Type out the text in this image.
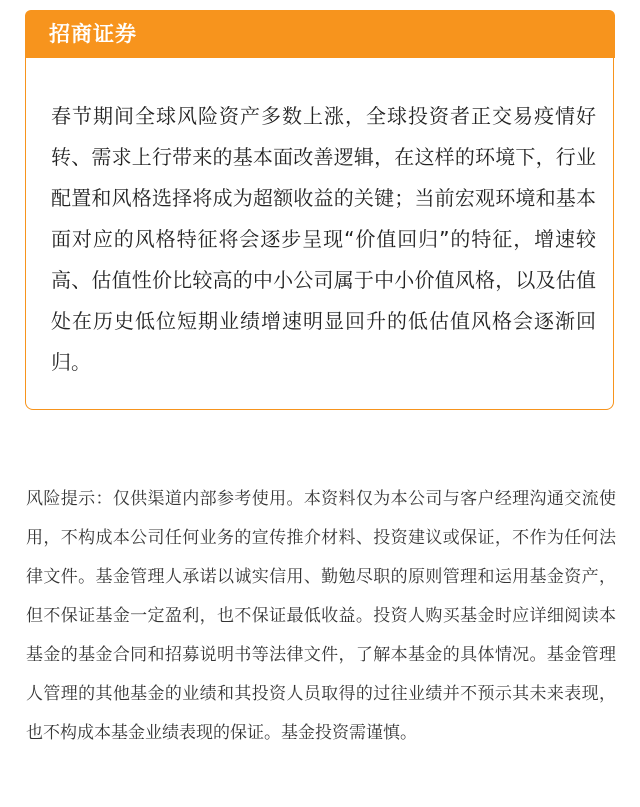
招商证券

春节期间全球风险资产多数上涨，全球投资者正交易疫情好转、需求上行带来的基本面改善逻辑，在这样的环境下，行业配置和风格选择将成为超额收益的关键；当前宏观环境和基本面对应的风格特征将会逐步呈现“价值回归”的特征，增速较高、估值性价比较高的中小公司属于中小价值风格，以及估值处在历史低位短期业绩增速明显回升的低估值风格会逐渐回归。

风险提示：仅供渠道内部参考使用。本资料仅为本公司与客户经理沟通交流使用，不构成本公司任何业务的宣传推介材料、投资建议或保证，不作为任何法律文件。基金管理人承诺以诚实信用、勤勉尽职的原则管理和运用基金资产，但不保证基金一定盈利，也不保证最低收益。投资人购买基金时应详细阅读本基金的基金合同和招募说明书等法律文件，了解本基金的具体情况。基金管理人管理的其他基金的业绩和其投资人员取得的过往业绩并不预示其未来表现，也不构成本基金业绩表现的保证。基金投资需谨慎。
